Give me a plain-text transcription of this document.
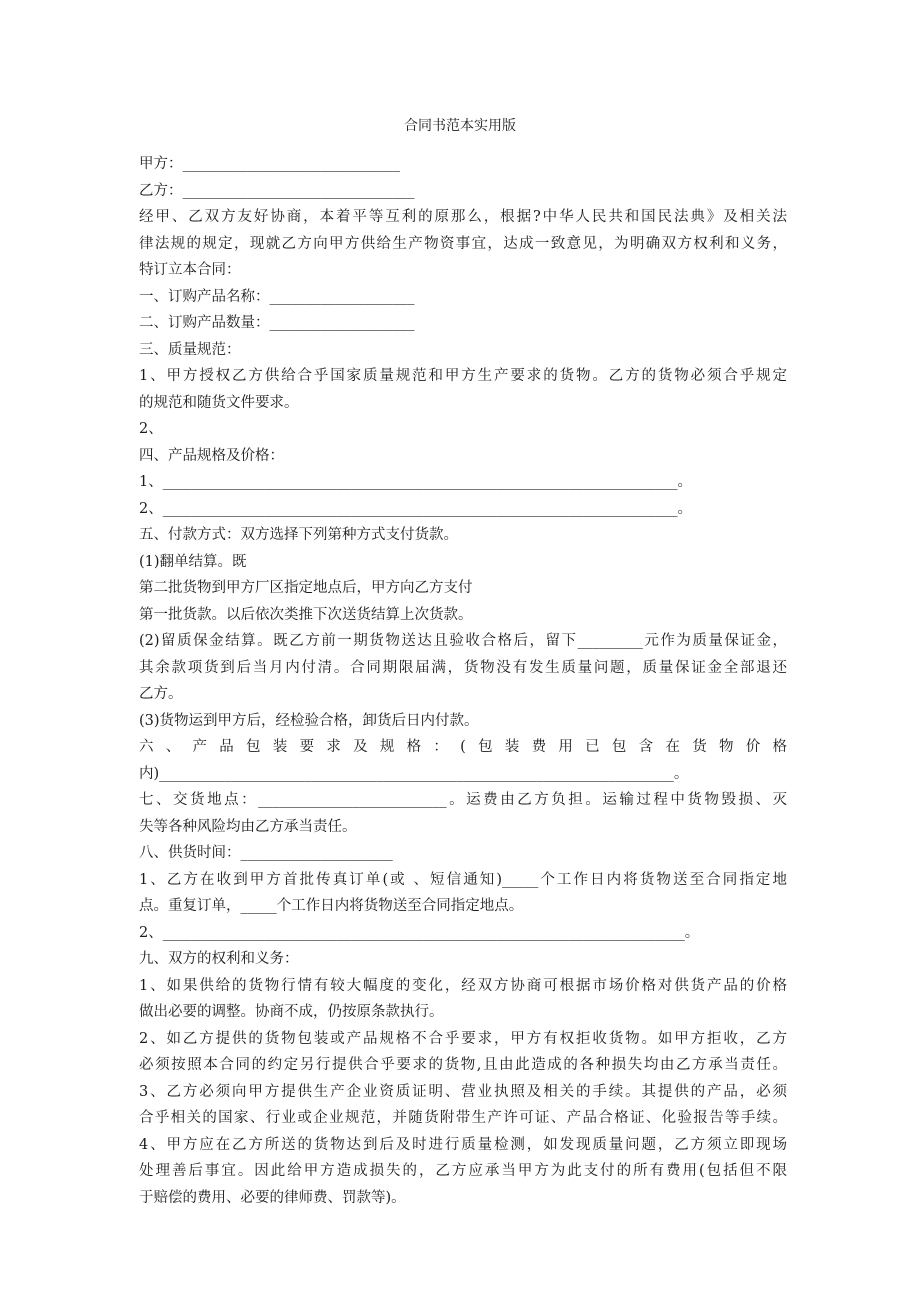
合同书范本实用版
甲方：______________________________
乙方：________________________________
经甲、乙双方友好协商，本着平等互利的原那么，根据?中华人民共和国民法典》及相关法
律法规的规定，现就乙方向甲方供给生产物资事宜，达成一致意见，为明确双方权利和义务，
特订立本合同：
一、订购产品名称：____________________
二、订购产品数量：____________________
三、质量规范：
1、甲方授权乙方供给合乎国家质量规范和甲方生产要求的货物。乙方的货物必须合乎规定
的规范和随货文件要求。
2、
四、产品规格及价格：
1、_______________________________________________________________________。
2、_______________________________________________________________________。
五、付款方式：双方选择下列第种方式支付货款。
(1)翻单结算。既
第二批货物到甲方厂区指定地点后，甲方向乙方支付
第一批货款。以后依次类推下次送货结算上次货款。
(2)留质保金结算。既乙方前一期货物送达且验收合格后，留下_________元作为质量保证金，
其余款项货到后当月内付清。合同期限届满，货物没有发生质量问题，质量保证金全部退还
乙方。
(3)货物运到甲方后，经检验合格，卸货后日内付款。
六、产品包装要求及规格：(包装费用已包含在货物价格
内)_______________________________________________________________________。
七、交货地点：__________________________。运费由乙方负担。运输过程中货物毁损、灭
失等各种风险均由乙方承当责任。
八、供货时间：_____________________
1、乙方在收到甲方首批传真订单(或 、短信通知)_____个工作日内将货物送至合同指定地
点。重复订单，_____个工作日内将货物送至合同指定地点。
2、________________________________________________________________________。
九、双方的权利和义务：
1、如果供给的货物行情有较大幅度的变化，经双方协商可根据市场价格对供货产品的价格
做出必要的调整。协商不成，仍按原条款执行。
2、如乙方提供的货物包装或产品规格不合乎要求，甲方有权拒收货物。如甲方拒收，乙方
必须按照本合同的约定另行提供合乎要求的货物,且由此造成的各种损失均由乙方承当责任。
3、乙方必须向甲方提供生产企业资质证明、营业执照及相关的手续。其提供的产品，必须
合乎相关的国家、行业或企业规范，并随货附带生产许可证、产品合格证、化验报告等手续。
4、甲方应在乙方所送的货物达到后及时进行质量检测，如发现质量问题，乙方须立即现场
处理善后事宜。因此给甲方造成损失的，乙方应承当甲方为此支付的所有费用(包括但不限
于赔偿的费用、必要的律师费、罚款等)。
